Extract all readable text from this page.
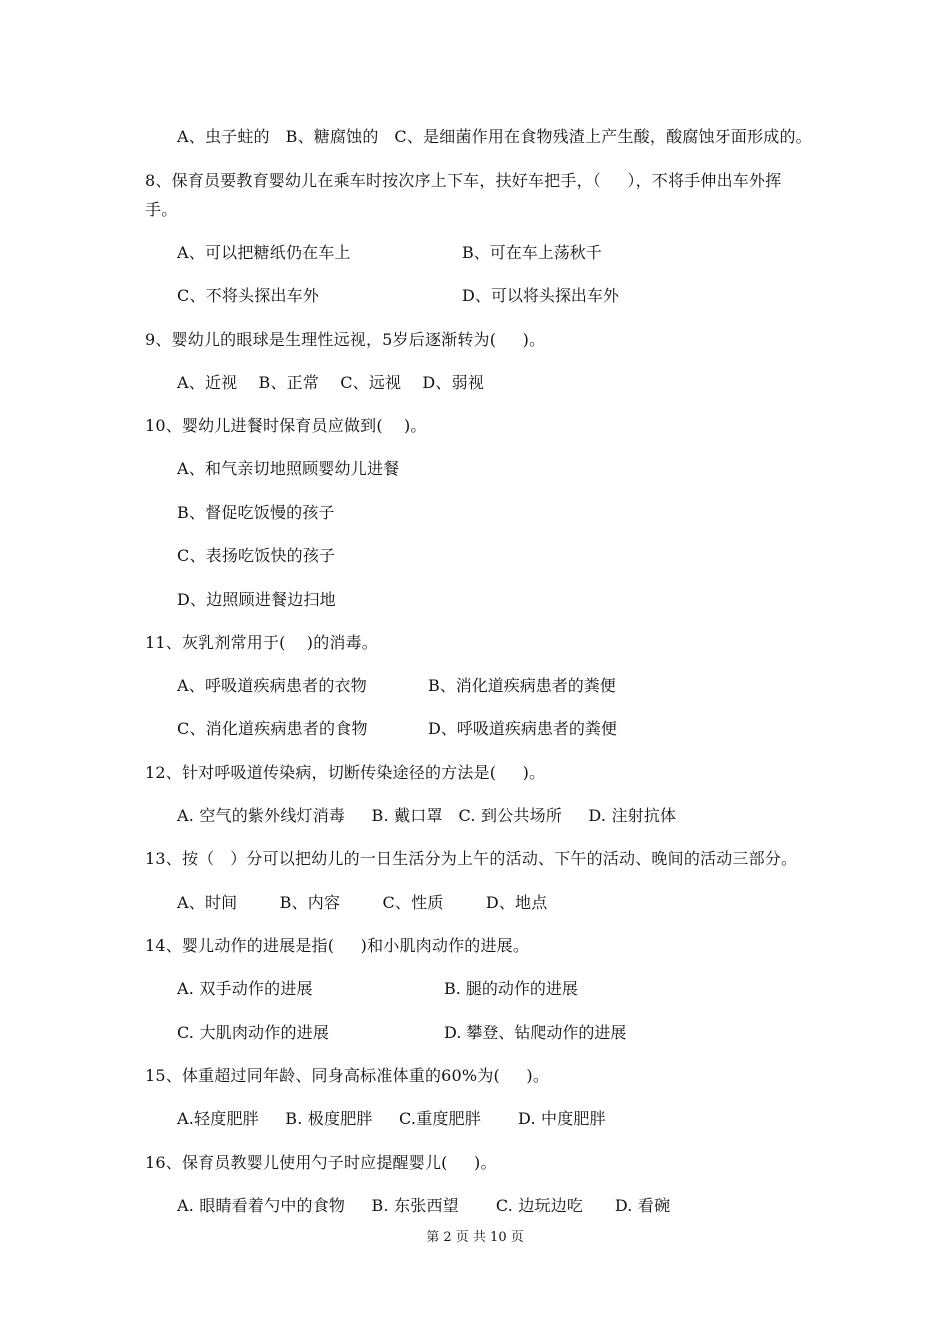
A、虫子蛀的   B、糖腐蚀的   C、是细菌作用在食物残渣上产生酸，酸腐蚀牙面形成的。
8、保育员要教育婴幼儿在乘车时按次序上下车，扶好车把手，（     ），不将手伸出车外挥
手。
A、可以把糖纸仍在车上	B、可在车上荡秋千
C、不将头探出车外	D、可以将头探出车外
9、婴幼儿的眼球是生理性远视，5岁后逐渐转为(     )。
A、近视    B、正常    C、远视    D、弱视
10、婴幼儿进餐时保育员应做到(    )。
A、和气亲切地照顾婴幼儿进餐
B、督促吃饭慢的孩子
C、表扬吃饭快的孩子
D、边照顾进餐边扫地
11、灰乳剂常用于(    )的消毒。
A、呼吸道疾病患者的衣物	B、消化道疾病患者的粪便
C、消化道疾病患者的食物	D、呼吸道疾病患者的粪便
12、针对呼吸道传染病，切断传染途径的方法是(     )。
A. 空气的紫外线灯消毒     B. 戴口罩   C. 到公共场所     D. 注射抗体
13、按（   ）分可以把幼儿的一日生活分为上午的活动、下午的活动、晚间的活动三部分。
A、时间        B、内容        C、性质        D、地点
14、婴儿动作的进展是指(     )和小肌肉动作的进展。
A. 双手动作的进展	B. 腿的动作的进展
C. 大肌肉动作的进展	D. 攀登、钻爬动作的进展
15、体重超过同年龄、同身高标准体重的60%为(     )。
A.轻度肥胖     B. 极度肥胖     C.重度肥胖       D. 中度肥胖
16、保育员教婴儿使用勺子时应提醒婴儿(     )。
A. 眼睛看着勺中的食物     B. 东张西望       C. 边玩边吃      D. 看碗
第 2 页 共 10 页
